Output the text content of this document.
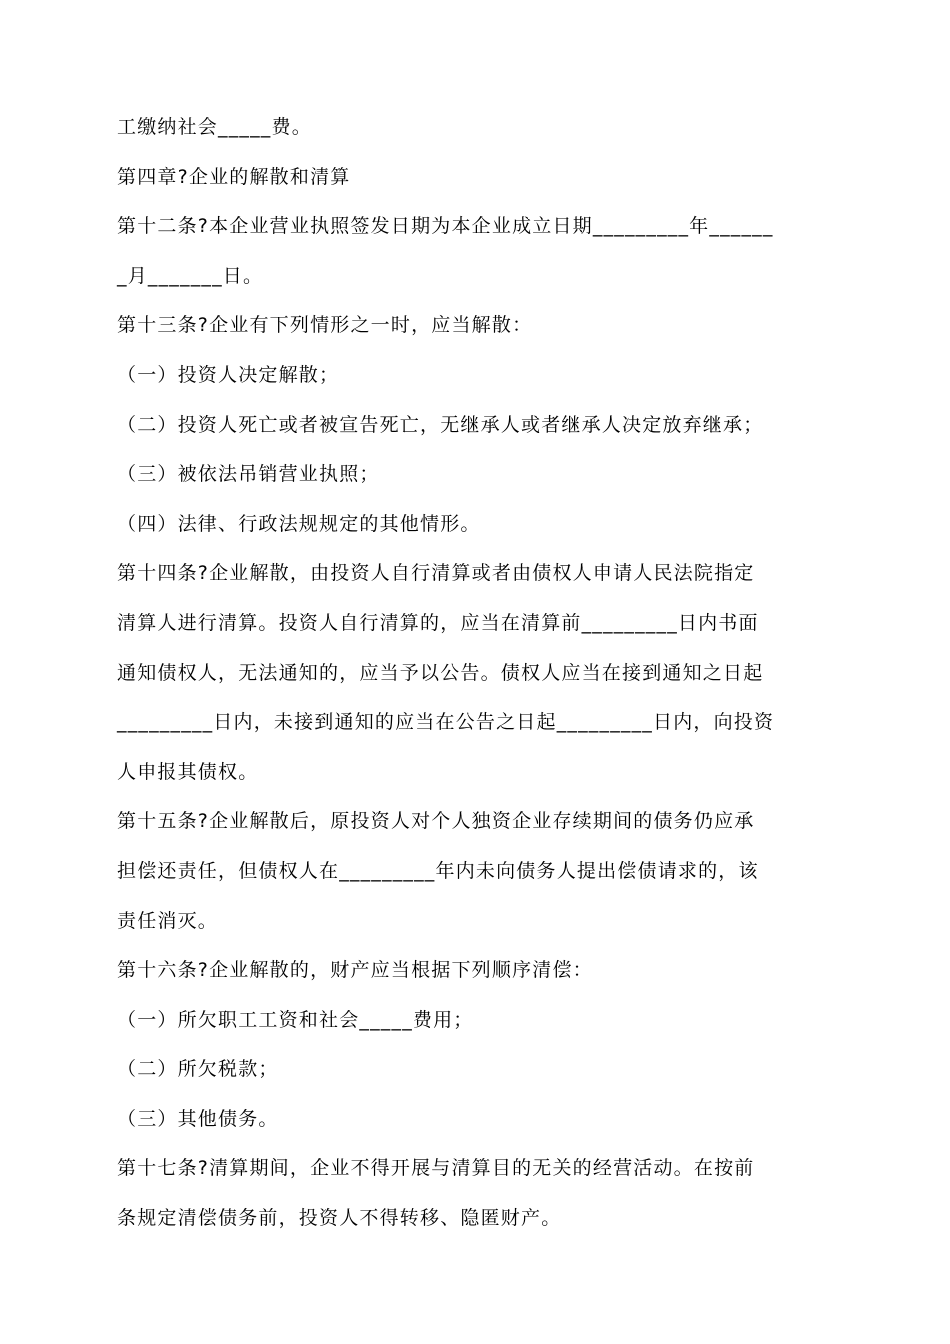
工缴纳社会_____费。
第四章?企业的解散和清算
第十二条?本企业营业执照签发日期为本企业成立日期_________年______
_月_______日。
第十三条?企业有下列情形之一时，应当解散：
（一）投资人决定解散；
（二）投资人死亡或者被宣告死亡，无继承人或者继承人决定放弃继承；
（三）被依法吊销营业执照；
（四）法律、行政法规规定的其他情形。
第十四条?企业解散，由投资人自行清算或者由债权人申请人民法院指定
清算人进行清算。投资人自行清算的，应当在清算前_________日内书面
通知债权人，无法通知的，应当予以公告。债权人应当在接到通知之日起
_________日内，未接到通知的应当在公告之日起_________日内，向投资
人申报其债权。
第十五条?企业解散后，原投资人对个人独资企业存续期间的债务仍应承
担偿还责任，但债权人在_________年内未向债务人提出偿债请求的，该
责任消灭。
第十六条?企业解散的，财产应当根据下列顺序清偿：
（一）所欠职工工资和社会_____费用；
（二）所欠税款；
（三）其他债务。
第十七条?清算期间，企业不得开展与清算目的无关的经营活动。在按前
条规定清偿债务前，投资人不得转移、隐匿财产。
